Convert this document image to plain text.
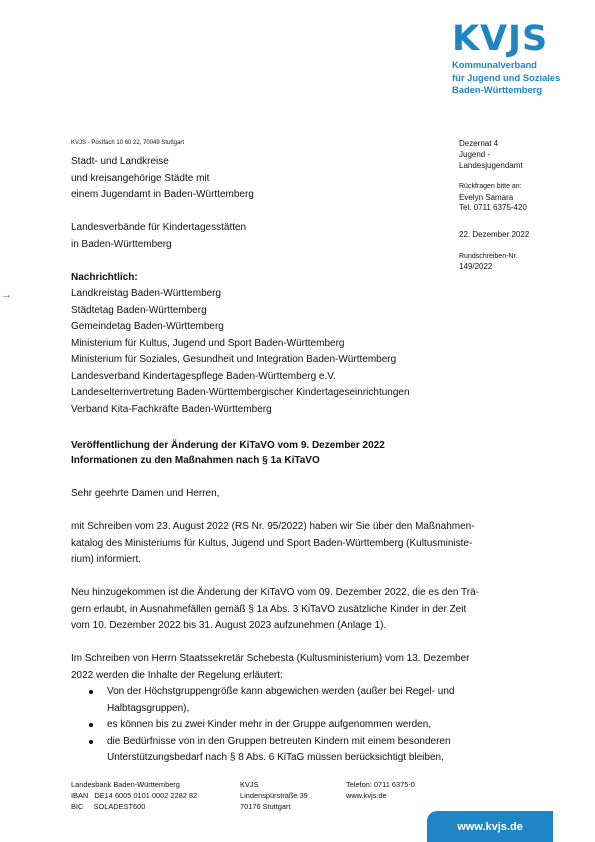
K V J S
Kommunalverband
für Jugend und Soziales
Baden-Württemberg
KVJS - Postfach 10 60 22, 70049 Stuttgart
Stadt- und Landkreise
und kreisangehörige Städte mit
einem Jugendamt in Baden-Württemberg
Landesverbände für Kindertagesstätten
in Baden-Württemberg
Nachrichtlich:
Landkreistag Baden-Württemberg
Städtetag Baden-Württemberg
Gemeindetag Baden-Württemberg
Ministerium für Kultus, Jugend und Sport Baden-Württemberg
Ministerium für Soziales, Gesundheit und Integration Baden-Württemberg
Landesverband Kindertagespflege Baden-Württemberg e.V.
Landeselternvertretung Baden-Württembergischer Kindertageseinrichtungen
Verband Kita-Fachkräfte Baden-Württemberg
Dezernat 4
Jugend -
Landesjugendamt
Rückfragen bitte an:
Evelyn Samara
Tel. 0711 6375-420
22. Dezember 2022
Rundschreiben-Nr.
149/2022
→
Veröffentlichung der Änderung der KiTaVO vom 9. Dezember 2022
Informationen zu den Maßnahmen nach § 1a KiTaVO
Sehr geehrte Damen und Herren,
mit Schreiben vom 23. August 2022 (RS Nr. 95/2022) haben wir Sie über den Maßnahmen-
katalog des Ministeriums für Kultus, Jugend und Sport Baden-Württemberg (Kultusministe-
rium) informiert.
Neu hinzugekommen ist die Änderung der KiTaVO vom 09. Dezember 2022, die es den Trä-
gern erlaubt, in Ausnahmefällen gemäß § 1a Abs. 3 KiTaVO zusätzliche Kinder in der Zeit
vom 10. Dezember 2022 bis 31. August 2023 aufzunehmen (Anlage 1).
Im Schreiben von Herrn Staatssekretär Schebesta (Kultusministerium) vom 13. Dezember
2022 werden die Inhalte der Regelung erläutert:
Von der Höchstgruppengröße kann abgewichen werden (außer bei Regel- und
Halbtagsgruppen),
es können bis zu zwei Kinder mehr in der Gruppe aufgenommen werden,
die Bedürfnisse von in den Gruppen betreuten Kindern mit einem besonderen
Unterstützungsbedarf nach § 8 Abs. 6 KiTaG müssen berücksichtigt bleiben,
Landesbank Baden-Württemberg
IBAN   DE14 6005 0101 0002 2282 82
BIC     SOLADEST600
KVJS
Lindenspürstraße 39
70176 Stuttgart
Telefon: 0711 6375-0
www.kvjs.de
www.kvjs.de
